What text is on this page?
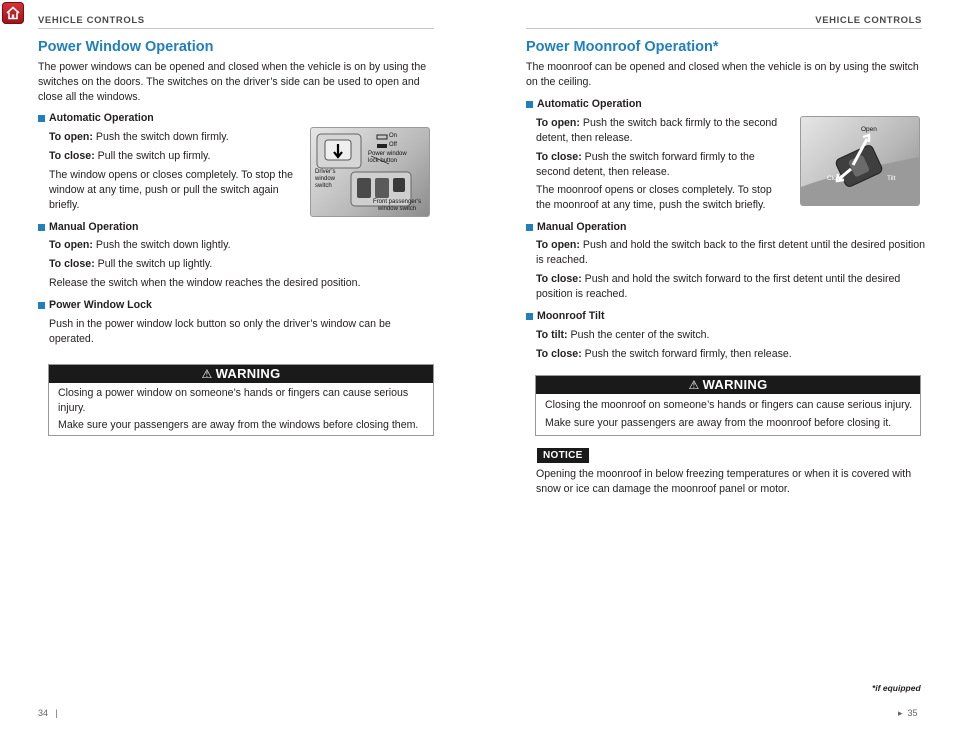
VEHICLE CONTROLS
Power Window Operation

The power windows can be opened and closed when the vehicle is on by using the

switches on the doors. The switches on the driver’s side can be used to open and

close all the windows.

Automatic Operation

To open: Push the switch down firmly.

To close: Pull the switch up firmly.

The window opens or closes completely. To stop the

window at any time, push or pull the switch again

briefly.

On
Off
Power window
lock button
Driver’s
window
switch
Front passenger’s
window switch
Manual Operation

To open: Push the switch down lightly.

To close: Pull the switch up lightly.

Release the switch when the window reaches the desired position.

Power Window Lock

Push in the power window lock button so only the driver’s window can be

operated.

⚠ WARNING

Closing a power window on someone’s hands or fingers can cause serious

injury.

Make sure your passengers are away from the windows before closing them.

34   |
VEHICLE CONTROLS
Power Moonroof Operation*

The moonroof can be opened and closed when the vehicle is on by using the switch

on the ceiling.

Automatic Operation

To open: Push the switch back firmly to the second

detent, then release.

To close: Push the switch forward firmly to the

second detent, then release.

The moonroof opens or closes completely. To stop

the moonroof at any time, push the switch briefly.

Open
Close	Tilt
Manual Operation

To open: Push and hold the switch back to the first detent until the desired position

is reached.

To close: Push and hold the switch forward to the first detent until the desired

position is reached.

Moonroof Tilt

To tilt: Push the center of the switch.

To close: Push the switch forward firmly, then release.

⚠ WARNING

Closing the moonroof on someone’s hands or fingers can cause serious injury.

Make sure your passengers are away from the moonroof before closing it.

NOTICE

Opening the moonroof in below freezing temperatures or when it is covered with

snow or ice can damage the moonroof panel or motor.

*if equipped
▸  35
